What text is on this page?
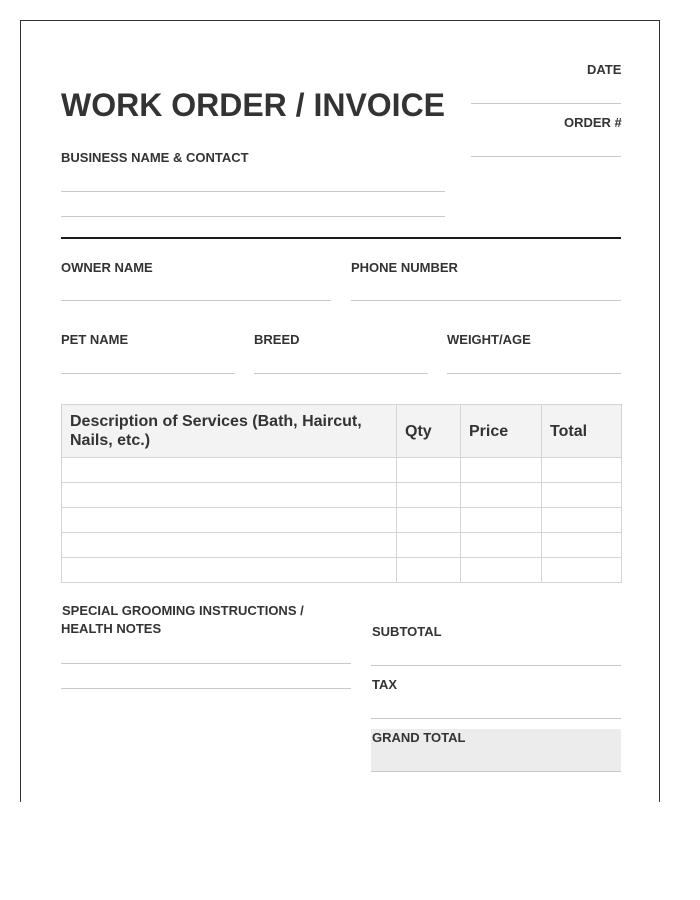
WORK ORDER / INVOICE
DATE
ORDER #
BUSINESS NAME & CONTACT
OWNER NAME	PHONE NUMBER
PET NAME	BREED	WEIGHT/AGE
Description of Services (Bath, Haircut, Nails, etc.)	Qty	Price	Total

SPECIAL GROOMING INSTRUCTIONS /
HEALTH NOTES	SUBTOTAL
TAX
GRAND TOTAL
